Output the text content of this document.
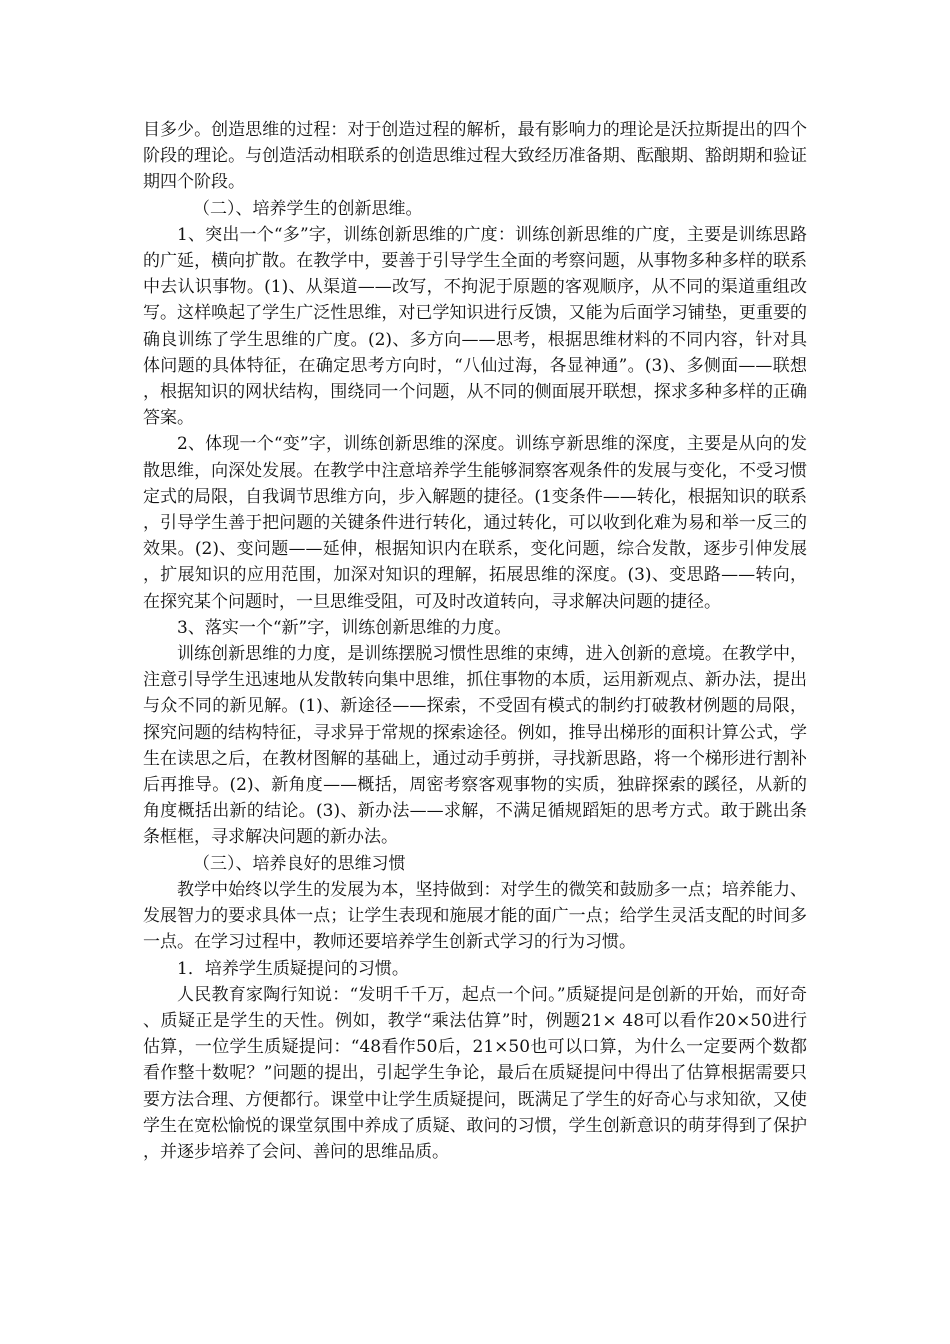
目多少。创造思维的过程：对于创造过程的解析，最有影响力的理论是沃拉斯提出的四个阶段的理论。与创造活动相联系的创造思维过程大致经历准备期、酝酿期、豁朗期和验证期四个阶段。

（二）、培养学生的创新思维。

1、突出一个“多”字，训练创新思维的广度：训练创新思维的广度，主要是训练思路的广延，横向扩散。在教学中，要善于引导学生全面的考察问题，从事物多种多样的联系中去认识事物。(1)、从渠道——改写，不拘泥于原题的客观顺序，从不同的渠道重组改写。这样唤起了学生广泛性思维，对已学知识进行反馈，又能为后面学习铺垫，更重要的确良训练了学生思维的广度。(2)、多方向——思考，根据思维材料的不同内容，针对具体问题的具体特征，在确定思考方向时，“八仙过海，各显神通”。(3)、多侧面——联想，根据知识的网状结构，围绕同一个问题，从不同的侧面展开联想，探求多种多样的正确答案。

2、体现一个“变”字，训练创新思维的深度。训练亨新思维的深度，主要是从向的发散思维，向深处发展。在教学中注意培养学生能够洞察客观条件的发展与变化，不受习惯定式的局限，自我调节思维方向，步入解题的捷径。(1变条件——转化，根据知识的联系，引导学生善于把问题的关键条件进行转化，通过转化，可以收到化难为易和举一反三的效果。(2)、变问题——延伸，根据知识内在联系，变化问题，综合发散，逐步引伸发展，扩展知识的应用范围，加深对知识的理解，拓展思维的深度。(3)、变思路——转向，在探究某个问题时，一旦思维受阻，可及时改道转向，寻求解决问题的捷径。

3、落实一个“新”字，训练创新思维的力度。

训练创新思维的力度，是训练摆脱习惯性思维的束缚，进入创新的意境。在教学中，注意引导学生迅速地从发散转向集中思维，抓住事物的本质，运用新观点、新办法，提出与众不同的新见解。(1)、新途径——探索，不受固有模式的制约打破教材例题的局限，探究问题的结构特征，寻求异于常规的探索途径。例如，推导出梯形的面积计算公式，学生在读思之后，在教材图解的基础上，通过动手剪拼，寻找新思路，将一个梯形进行割补后再推导。(2)、新角度——概括，周密考察客观事物的实质，独辟探索的蹊径，从新的角度概括出新的结论。(3)、新办法——求解，不满足循规蹈矩的思考方式。敢于跳出条条框框，寻求解决问题的新办法。

（三）、培养良好的思维习惯

教学中始终以学生的发展为本，坚持做到：对学生的微笑和鼓励多一点；培养能力、发展智力的要求具体一点；让学生表现和施展才能的面广一点；给学生灵活支配的时间多一点。在学习过程中，教师还要培养学生创新式学习的行为习惯。

1．培养学生质疑提问的习惯。

人民教育家陶行知说：“发明千千万，起点一个问。”质疑提问是创新的开始，而好奇、质疑正是学生的天性。例如，教学“乘法估算”时，例题21× 48可以看作20×50进行估算，一位学生质疑提问：“48看作50后，21×50也可以口算，为什么一定要两个数都看作整十数呢？”问题的提出，引起学生争论，最后在质疑提问中得出了估算根据需要只要方法合理、方便都行。课堂中让学生质疑提问，既满足了学生的好奇心与求知欲，又使学生在宽松愉悦的课堂氛围中养成了质疑、敢问的习惯，学生创新意识的萌芽得到了保护，并逐步培养了会问、善问的思维品质。
